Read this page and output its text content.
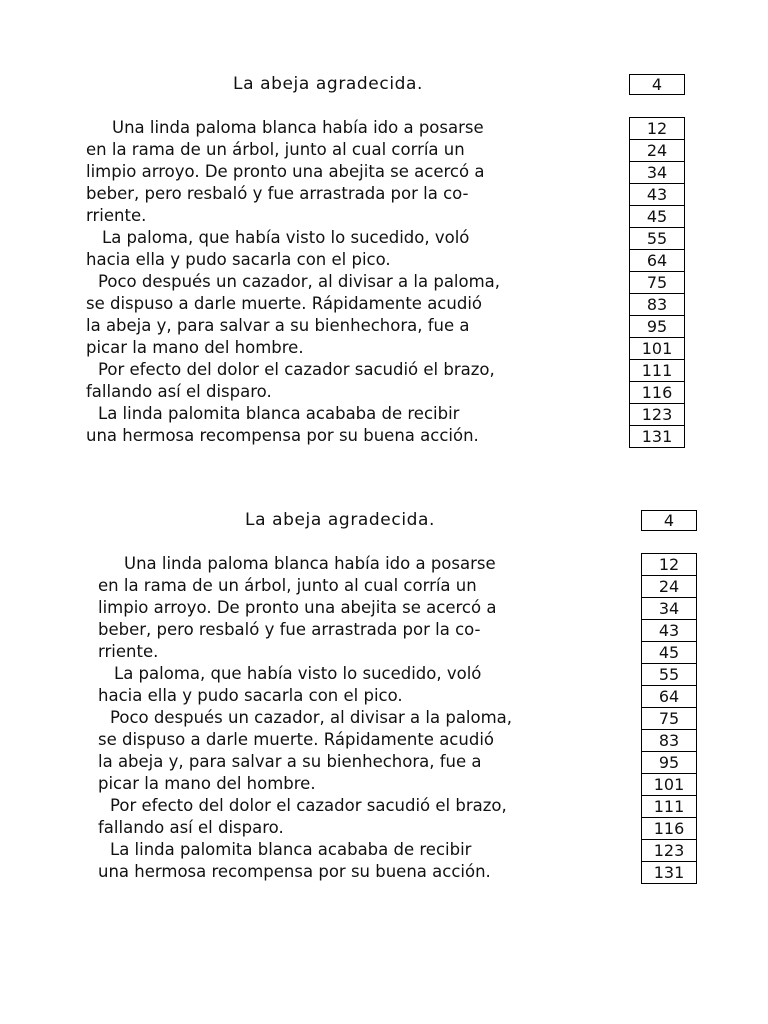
La abeja agradecida.	4
Una linda paloma blanca había ido a posarse
en la rama de un árbol, junto al cual corría un
limpio arroyo. De pronto una abejita se acercó a
beber, pero resbaló y fue arrastrada por la co-
rriente.
La paloma, que había visto lo sucedido, voló
hacia ella y pudo sacarla con el pico.
Poco después un cazador, al divisar a la paloma,
se dispuso a darle muerte. Rápidamente acudió
la abeja y, para salvar a su bienhechora, fue a
picar la mano del hombre.
Por efecto del dolor el cazador sacudió el brazo,
fallando así el disparo.
La linda palomita blanca acababa de recibir
una hermosa recompensa por su buena acción.
12
24
34
43
45
55
64
75
83
95
101
111
116
123
131
La abeja agradecida.	4
Una linda paloma blanca había ido a posarse
en la rama de un árbol, junto al cual corría un
limpio arroyo. De pronto una abejita se acercó a
beber, pero resbaló y fue arrastrada por la co-
rriente.
La paloma, que había visto lo sucedido, voló
hacia ella y pudo sacarla con el pico.
Poco después un cazador, al divisar a la paloma,
se dispuso a darle muerte. Rápidamente acudió
la abeja y, para salvar a su bienhechora, fue a
picar la mano del hombre.
Por efecto del dolor el cazador sacudió el brazo,
fallando así el disparo.
La linda palomita blanca acababa de recibir
una hermosa recompensa por su buena acción.
12
24
34
43
45
55
64
75
83
95
101
111
116
123
131
